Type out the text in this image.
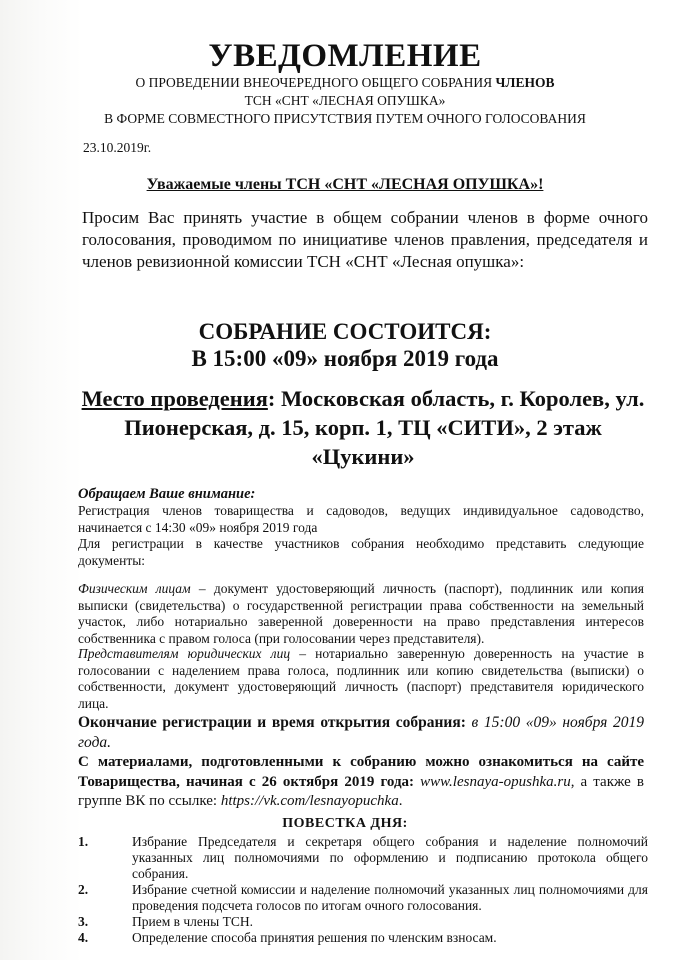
УВЕДОМЛЕНИЕ
О ПРОВЕДЕНИИ ВНЕОЧЕРЕДНОГО ОБЩЕГО СОБРАНИЯ ЧЛЕНОВ
ТСН «СНТ «ЛЕСНАЯ ОПУШКА»
В ФОРМЕ СОВМЕСТНОГО ПРИСУТСТВИЯ ПУТЕМ ОЧНОГО ГОЛОСОВАНИЯ
23.10.2019г.
Уважаемые члены ТСН «СНТ «ЛЕСНАЯ ОПУШКА»!
Просим Вас принять участие в общем собрании членов в форме очного голосования, проводимом по инициативе членов правления, председателя и членов ревизионной комиссии ТСН «СНТ «Лесная опушка»:
СОБРАНИЕ СОСТОИТСЯ:
В 15:00 «09» ноября 2019 года
Место проведения: Московская область, г. Королев, ул. Пионерская, д. 15, корп. 1, ТЦ «СИТИ», 2 этаж «Цукини»
Обращаем Ваше внимание:
Регистрация членов товарищества и садоводов, ведущих индивидуальное садоводство, начинается с 14:30 «09» ноября 2019 года
Для регистрации в качестве участников собрания необходимо представить следующие документы:
Физическим лицам – документ удостоверяющий личность (паспорт), подлинник или копия выписки (свидетельства) о государственной регистрации права собственности на земельный участок, либо нотариально заверенной доверенности на право представления интересов собственника с правом голоса (при голосовании через представителя).
Представителям юридических лиц – нотариально заверенную доверенность на участие в голосовании с наделением права голоса, подлинник или копию свидетельства (выписки) о собственности, документ удостоверяющий личность (паспорт) представителя юридического лица.
Окончание регистрации и время открытия собрания: в 15:00 «09» ноября 2019 года.
С материалами, подготовленными к собранию можно ознакомиться на сайте Товарищества, начиная с 26 октября 2019 года: www.lesnaya-opushka.ru, а также в группе ВК по ссылке: https://vk.com/lesnayopuchka.
ПОВЕСТКА ДНЯ:
1.	Избрание Председателя и секретаря общего собрания и наделение полномочий указанных лиц полномочиями по оформлению и подписанию протокола общего собрания.
2.	Избрание счетной комиссии и наделение полномочий указанных лиц полномочиями для проведения подсчета голосов по итогам очного голосования.
3.	Прием в члены ТСН.
4.	Определение способа принятия решения по членским взносам.
